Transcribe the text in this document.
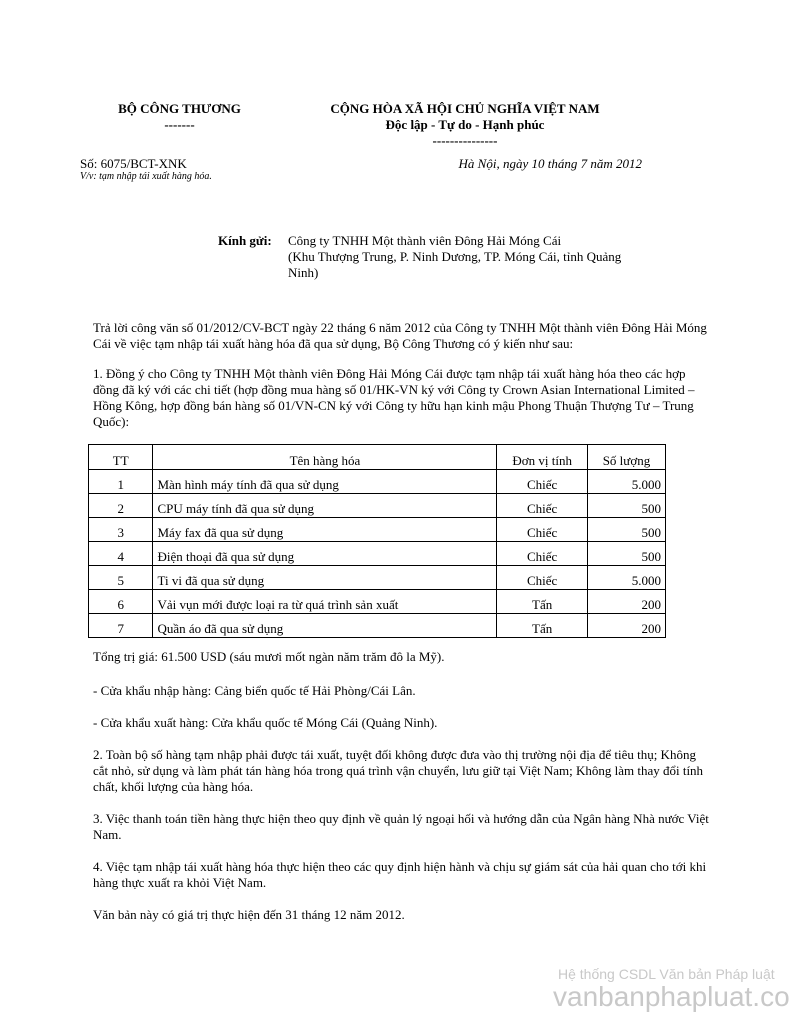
BỘ CÔNG THƯƠNG
-------
CỘNG HÒA XÃ HỘI CHỦ NGHĨA VIỆT NAM
Độc lập - Tự do - Hạnh phúc
---------------
Số: 6075/BCT-XNK
V/v: tạm nhập tái xuất hàng hóa.
Hà Nội, ngày 10 tháng 7 năm 2012
Kính gửi: Công ty TNHH Một thành viên Đông Hải Móng Cái
(Khu Thượng Trung, P. Ninh Dương, TP. Móng Cái, tỉnh Quảng Ninh)
Trả lời công văn số 01/2012/CV-BCT ngày 22 tháng 6 năm 2012 của Công ty TNHH Một thành viên Đông Hải Móng Cái về việc tạm nhập tái xuất hàng hóa đã qua sử dụng, Bộ Công Thương có ý kiến như sau:
1. Đồng ý cho Công ty TNHH Một thành viên Đông Hải Móng Cái được tạm nhập tái xuất hàng hóa theo các hợp đồng đã ký với các chi tiết (hợp đồng mua hàng số 01/HK-VN ký với Công ty Crown Asian International Limited – Hồng Kông, hợp đồng bán hàng số 01/VN-CN ký với Công ty hữu hạn kinh mậu Phong Thuận Thượng Tư – Trung Quốc):
TT	Tên hàng hóa	Đơn vị tính	Số lượng
1	Màn hình máy tính đã qua sử dụng	Chiếc	5.000
2	CPU máy tính đã qua sử dụng	Chiếc	500
3	Máy fax đã qua sử dụng	Chiếc	500
4	Điện thoại đã qua sử dụng	Chiếc	500
5	Ti vi đã qua sử dụng	Chiếc	5.000
6	Vải vụn mới được loại ra từ quá trình sản xuất	Tấn	200
7	Quần áo đã qua sử dụng	Tấn	200
Tổng trị giá: 61.500 USD (sáu mươi mốt ngàn năm trăm đô la Mỹ).
- Cửa khẩu nhập hàng: Cảng biển quốc tế Hải Phòng/Cái Lân.
- Cửa khẩu xuất hàng: Cửa khẩu quốc tế Móng Cái (Quảng Ninh).
2. Toàn bộ số hàng tạm nhập phải được tái xuất, tuyệt đối không được đưa vào thị trường nội địa để tiêu thụ; Không cắt nhỏ, sử dụng và làm phát tán hàng hóa trong quá trình vận chuyển, lưu giữ tại Việt Nam; Không làm thay đổi tính chất, khối lượng của hàng hóa.
3. Việc thanh toán tiền hàng thực hiện theo quy định về quản lý ngoại hối và hướng dẫn của Ngân hàng Nhà nước Việt Nam.
4. Việc tạm nhập tái xuất hàng hóa thực hiện theo các quy định hiện hành và chịu sự giám sát của hải quan cho tới khi hàng thực xuất ra khỏi Việt Nam.
Văn bản này có giá trị thực hiện đến 31 tháng 12 năm 2012.
Hệ thống CSDL Văn bản Pháp luật
vanbanphapluat.co
